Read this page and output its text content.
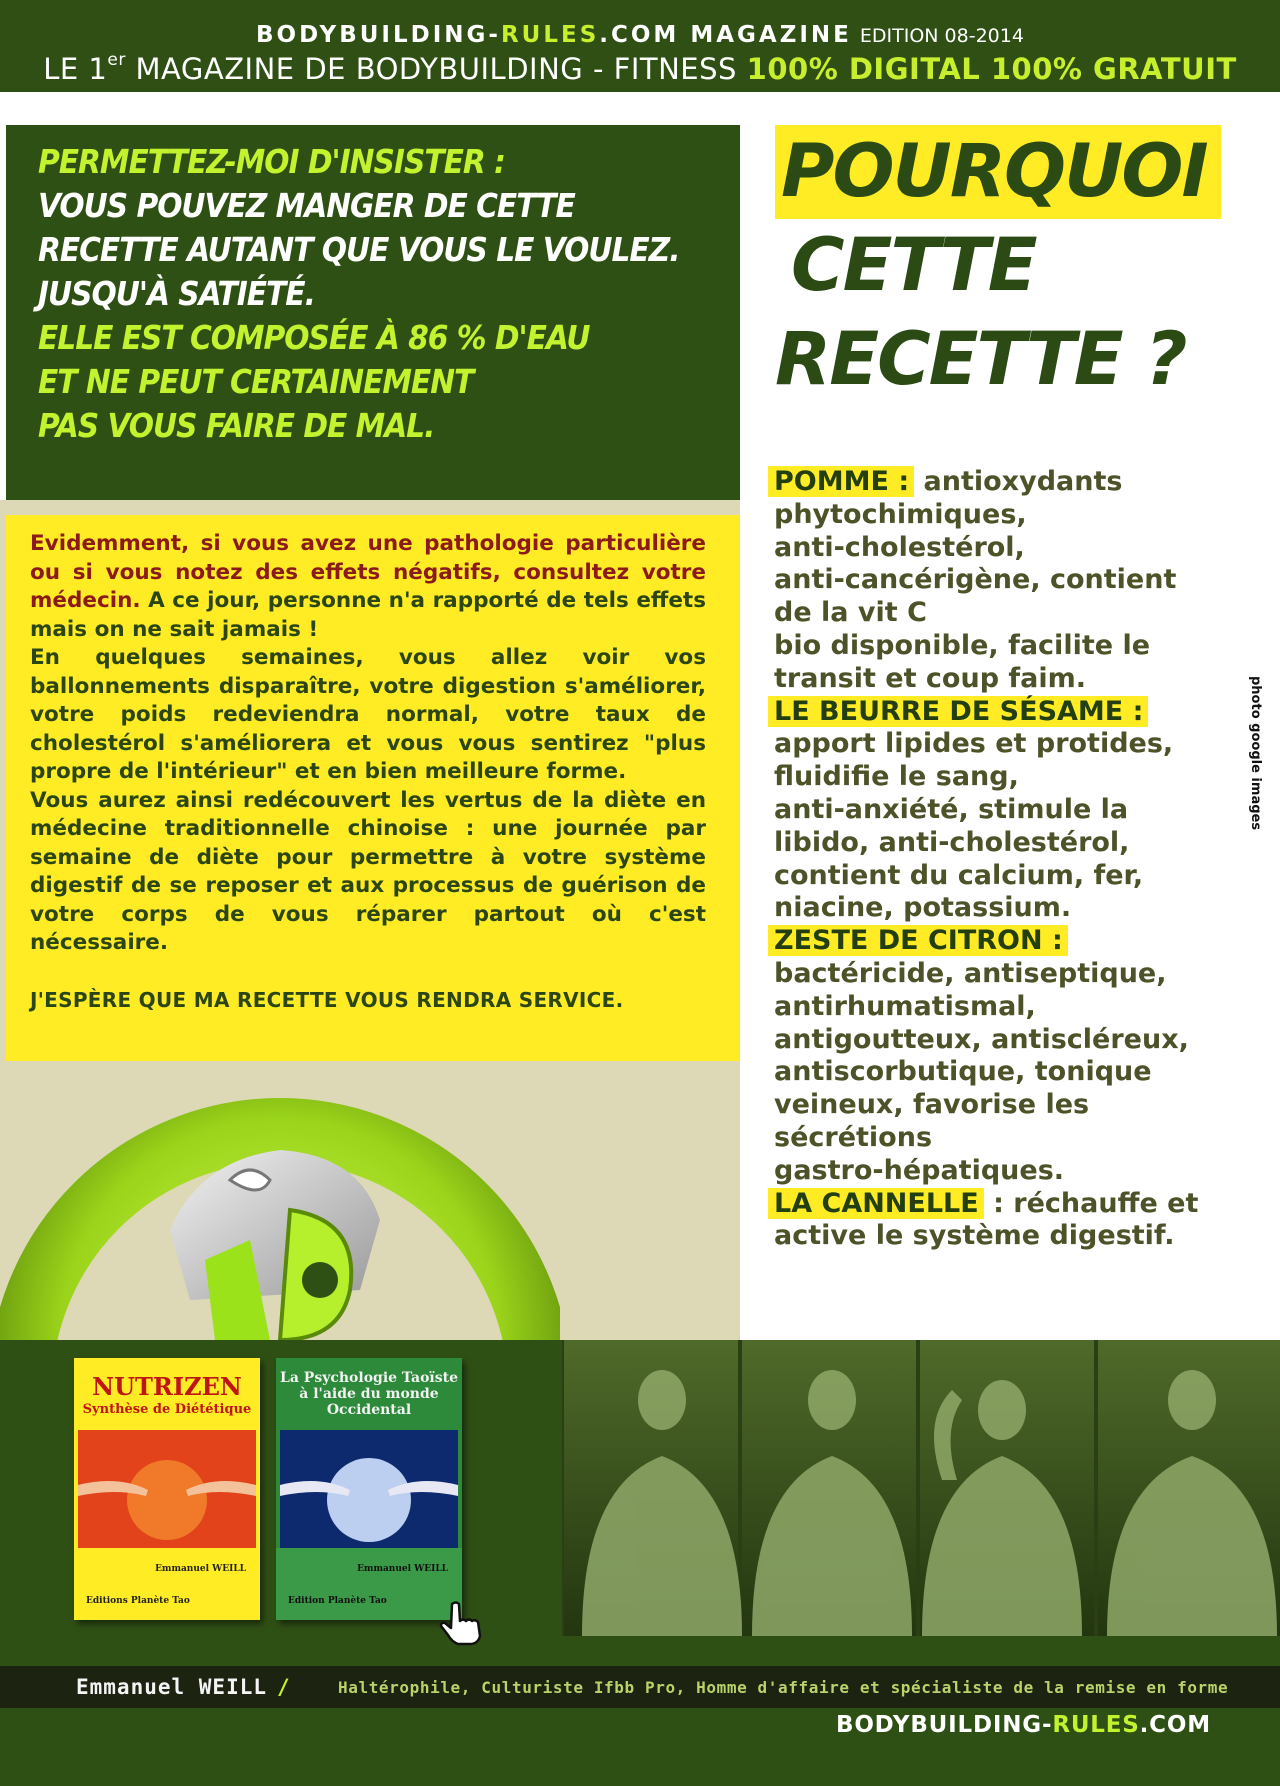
BODYBUILDING-RULES.COM MAGAZINE EDITION 08-2014
LE 1er MAGAZINE DE BODYBUILDING - FITNESS 100% DIGITAL 100% GRATUIT
PERMETTEZ-MOI D'INSISTER :
VOUS POUVEZ MANGER DE CETTE
RECETTE AUTANT QUE VOUS LE VOULEZ.
JUSQU'À SATIÉTÉ.
ELLE EST COMPOSÉE À 86 % D'EAU
ET NE PEUT CERTAINEMENT
PAS VOUS FAIRE DE MAL.

Evidemment, si vous avez une pathologie particulière ou si vous notez des effets négatifs, consultez votre médecin. A ce jour, personne n'a rapporté de tels effets mais on ne sait jamais !

En quelques semaines, vous allez voir vos ballonnements disparaître, votre digestion s'améliorer, votre poids redeviendra normal, votre taux de cholestérol s'améliorera et vous vous sentirez "plus propre de l'intérieur" et en bien meilleure forme.

Vous aurez ainsi redécouvert les vertus de la diète en médecine traditionnelle chinoise : une journée par semaine de diète pour permettre à votre système digestif de se reposer et aux processus de guérison de votre corps de vous réparer partout où c'est nécessaire.

J'ESPÈRE QUE MA RECETTE VOUS RENDRA SERVICE.

POURQUOI
CETTE
RECETTE ?
POMME : antioxydants
phytochimiques,
anti-cholestérol,
anti-cancérigène, contient
de la vit C
bio disponible, facilite le
transit et coup faim.
LE BEURRE DE SÉSAME :
apport lipides et protides,
fluidifie le sang,
anti-anxiété, stimule la
libido, anti-cholestérol,
contient du calcium, fer,
niacine, potassium.
ZESTE DE CITRON :
bactéricide, antiseptique,
antirhumatismal,
antigoutteux, antiscléreux,
antiscorbutique, tonique
veineux, favorise les
sécrétions
gastro-hépatiques.
LA CANNELLE : réchauffe et
active le système digestif.
photo google images
NUTRIZEN
Synthèse de Diététique
Emmanuel WEILL
Editions Planète Tao
La Psychologie Taoïste à l'aide du monde Occidental
Emmanuel WEILL
Edition Planète Tao
Emmanuel WEILL /	Haltérophile, Culturiste Ifbb Pro, Homme d'affaire et spécialiste de la remise en forme
BODYBUILDING-RULES.COM
